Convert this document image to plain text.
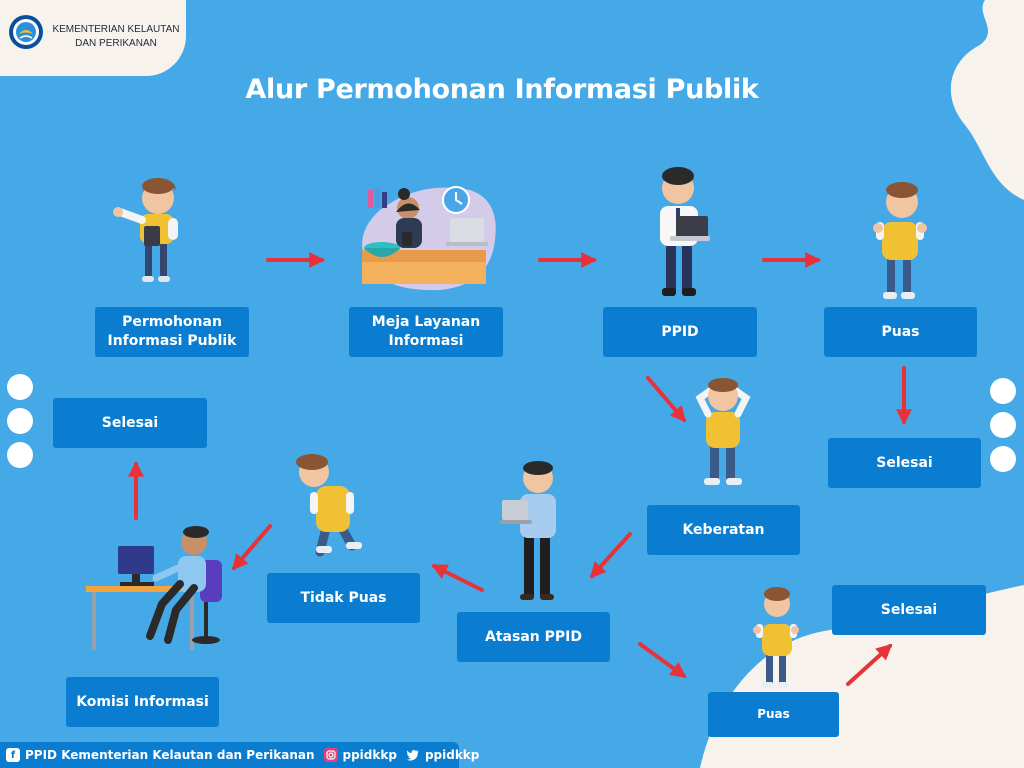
KEMENTERIAN KELAUTAN
DAN PERIKANAN
Alur Permohonan Informasi Publik
Permohonan Informasi Publik
Meja Layanan Informasi
PPID	Puas
Selesai
Keberatan
Atasan PPID
Tidak Puas
Komisi Informasi
Selesai
Puas
Selesai
f PPID Kementerian Kelautan dan Perikanan ppidkkp ppidkkp
